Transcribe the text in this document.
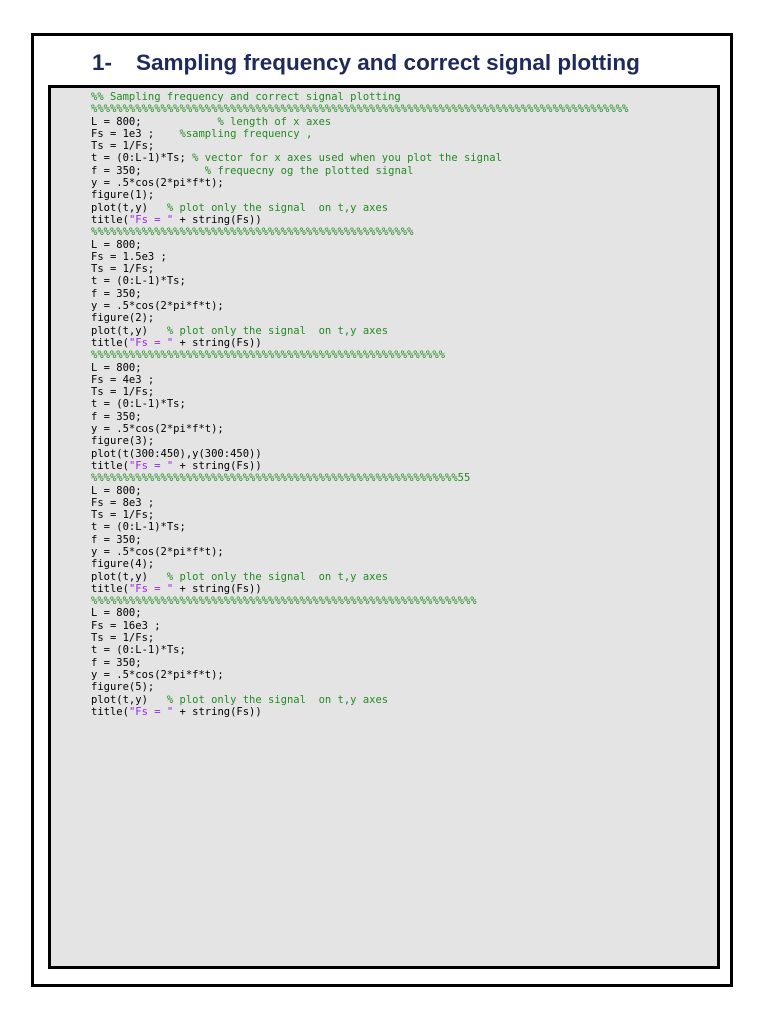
1- Sampling frequency and correct signal plotting
%% Sampling frequency and correct signal plotting
%%%%%%%%%%%%%%%%%%%%%%%%%%%%%%%%%%%%%%%%%%%%%%%%%%%%%%%%%%%%%%%%%%%%%%%%%%%%%%%%%%%%%
L = 800;            % length of x axes
Fs = 1e3 ;    %sampling frequency ,
Ts = 1/Fs;
t = (0:L-1)*Ts; % vector for x axes used when you plot the signal
f = 350;          % frequecny og the plotted signal
y = .5*cos(2*pi*f*t);
figure(1);
plot(t,y)   % plot only the signal  on t,y axes
title("Fs = " + string(Fs))
%%%%%%%%%%%%%%%%%%%%%%%%%%%%%%%%%%%%%%%%%%%%%%%%%%%
L = 800;
Fs = 1.5e3 ;
Ts = 1/Fs;
t = (0:L-1)*Ts;
f = 350;
y = .5*cos(2*pi*f*t);
figure(2);
plot(t,y)   % plot only the signal  on t,y axes
title("Fs = " + string(Fs))
%%%%%%%%%%%%%%%%%%%%%%%%%%%%%%%%%%%%%%%%%%%%%%%%%%%%%%%%
L = 800;
Fs = 4e3 ;
Ts = 1/Fs;
t = (0:L-1)*Ts;
f = 350;
y = .5*cos(2*pi*f*t);
figure(3);
plot(t(300:450),y(300:450))
title("Fs = " + string(Fs))
%%%%%%%%%%%%%%%%%%%%%%%%%%%%%%%%%%%%%%%%%%%%%%%%%%%%%%%%%%55
L = 800;
Fs = 8e3 ;
Ts = 1/Fs;
t = (0:L-1)*Ts;
f = 350;
y = .5*cos(2*pi*f*t);
figure(4);
plot(t,y)   % plot only the signal  on t,y axes
title("Fs = " + string(Fs))
%%%%%%%%%%%%%%%%%%%%%%%%%%%%%%%%%%%%%%%%%%%%%%%%%%%%%%%%%%%%%
L = 800;
Fs = 16e3 ;
Ts = 1/Fs;
t = (0:L-1)*Ts;
f = 350;
y = .5*cos(2*pi*f*t);
figure(5);
plot(t,y)   % plot only the signal  on t,y axes
title("Fs = " + string(Fs))
